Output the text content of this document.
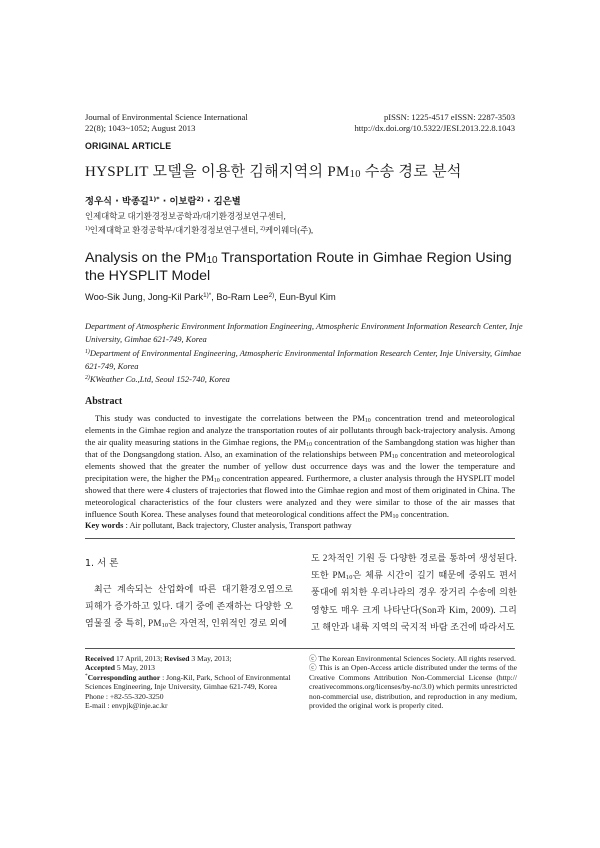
Journal of Environmental Science International
22(8); 1043~1052; August 2013
pISSN: 1225-4517 eISSN: 2287-3503
http://dx.doi.org/10.5322/JESI.2013.22.8.1043
ORIGINAL ARTICLE
HYSPLIT 모델을 이용한 김해지역의 $PM_{10}$ 수송 경로 분석
정우식 · 박종길$^{1)*}$ · 이보람$^{2)}$ · 김은별
인제대학교 대기환경정보공학과/대기환경정보연구센터,
$^{1)}$인제대학교 환경공학부/대기환경정보연구센터, $^{2)}$케이웨더(주),
Analysis on the $PM_{10}$ Transportation Route in Gimhae Region Using the HYSPLIT Model
Woo-Sik Jung, Jong-Kil Park$^{1)*}$, Bo-Ram Lee$^{2)}$, Eun-Byul Kim
Department of Atmospheric Environment Information Engineering, Atmospheric Environment Information Research Center, Inje University, Gimhae 621-749, Korea
$^{1)}$Department of Environmental Engineering, Atmospheric Environmental Information Research Center, Inje University, Gimhae 621-749, Korea
$^{2)}$KWeather Co.,Ltd, Seoul 152-740, Korea
Abstract
This study was conducted to investigate the correlations between the $PM_{10}$ concentration trend and meteorological elements in the Gimhae region and analyze the transportation routes of air pollutants through back-trajectory analysis. Among the air quality measuring stations in the Gimhae regions, the $PM_{10}$ concentration of the Sambangdong station was higher than that of the Dongsangdong station. Also, an examination of the relationships between $PM_{10}$ concentration and meteorological elements showed that the greater the number of yellow dust occurrence days was and the lower the temperature and precipitation were, the higher the $PM_{10}$ concentration appeared. Furthermore, a cluster analysis through the HYSPLIT model showed that there were 4 clusters of trajectories that flowed into the Gimhae region and most of them originated in China. The meteorological characteristics of the four clusters were analyzed and they were similar to those of the air masses that influence South Korea. These analyses found that meteorological conditions affect the $PM_{10}$ concentration.
Key words : Air pollutant, Back trajectory, Cluster analysis, Transport pathway
1. 서 론
최근 계속되는 산업화에 따른 대기환경오염으로 피해가 증가하고 있다. 대기 중에 존재하는 다양한 오염물질 중 특히, $PM_{10}$은 자연적, 인위적인 경로 외에
도 2차적인 기원 등 다양한 경로를 통하여 생성된다. 또한 $PM_{10}$은 체류 시간이 길기 때문에 중위도 편서풍대에 위치한 우리나라의 경우 장거리 수송에 의한 영향도 매우 크게 나타난다(Son과 Kim, 2009). 그리고 해안과 내륙 지역의 국지적 바람 조건에 따라서도
Received 17 April, 2013; Revised 3 May, 2013;
Accepted 5 May, 2013
*Corresponding author : Jong-Kil, Park, School of Environmental Sciences Engineering, Inje University, Gimhae 621-749, Korea
Phone : +82-55-320-3250
E-mail : envpjk@inje.ac.kr
ⓒ The Korean Environmental Sciences Society. All rights reserved.
ⓒ This is an Open-Access article distributed under the terms of the Creative Commons Attribution Non-Commercial License (http:// creativecommons.org/licenses/by-nc/3.0) which permits unrestricted non-commercial use, distribution, and reproduction in any medium, provided the original work is properly cited.
